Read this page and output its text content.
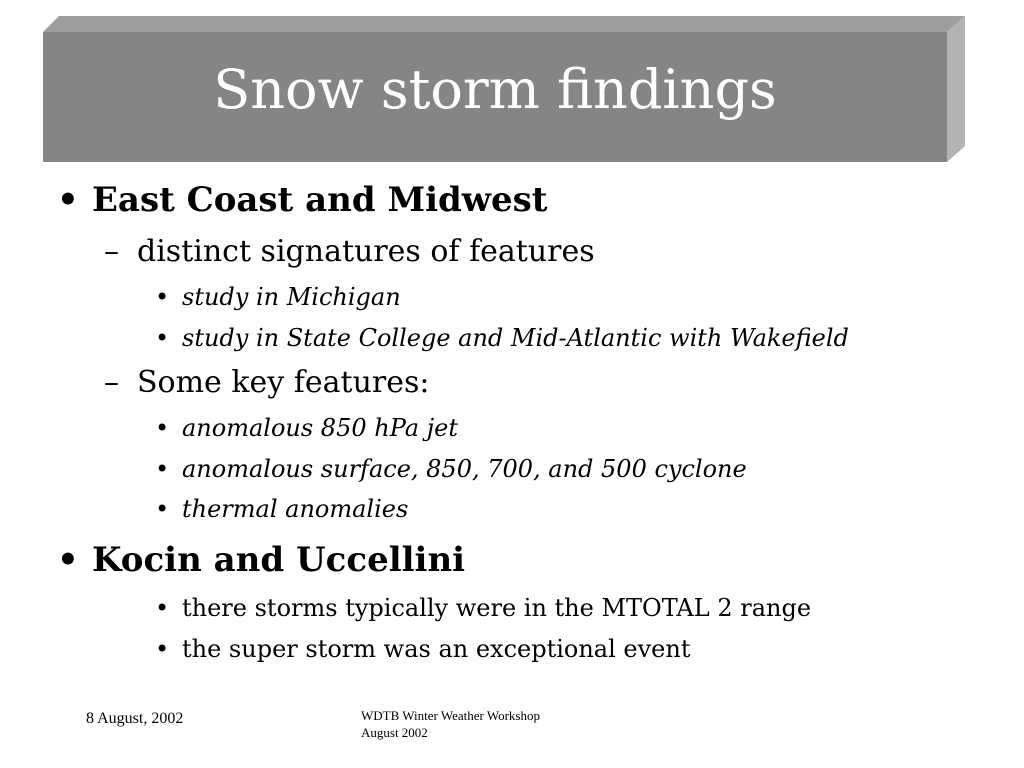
Snow storm findings
• East Coast and Midwest
– distinct signatures of features
• study in Michigan
• study in State College and Mid-Atlantic with Wakefield
– Some key features:
• anomalous 850 hPa jet
• anomalous surface, 850, 700, and 500 cyclone
• thermal anomalies
• Kocin and Uccellini
• there storms typically were in the MTOTAL 2 range
• the super storm was an exceptional event
8 August, 2002	WDTB Winter Weather Workshop
August 2002
